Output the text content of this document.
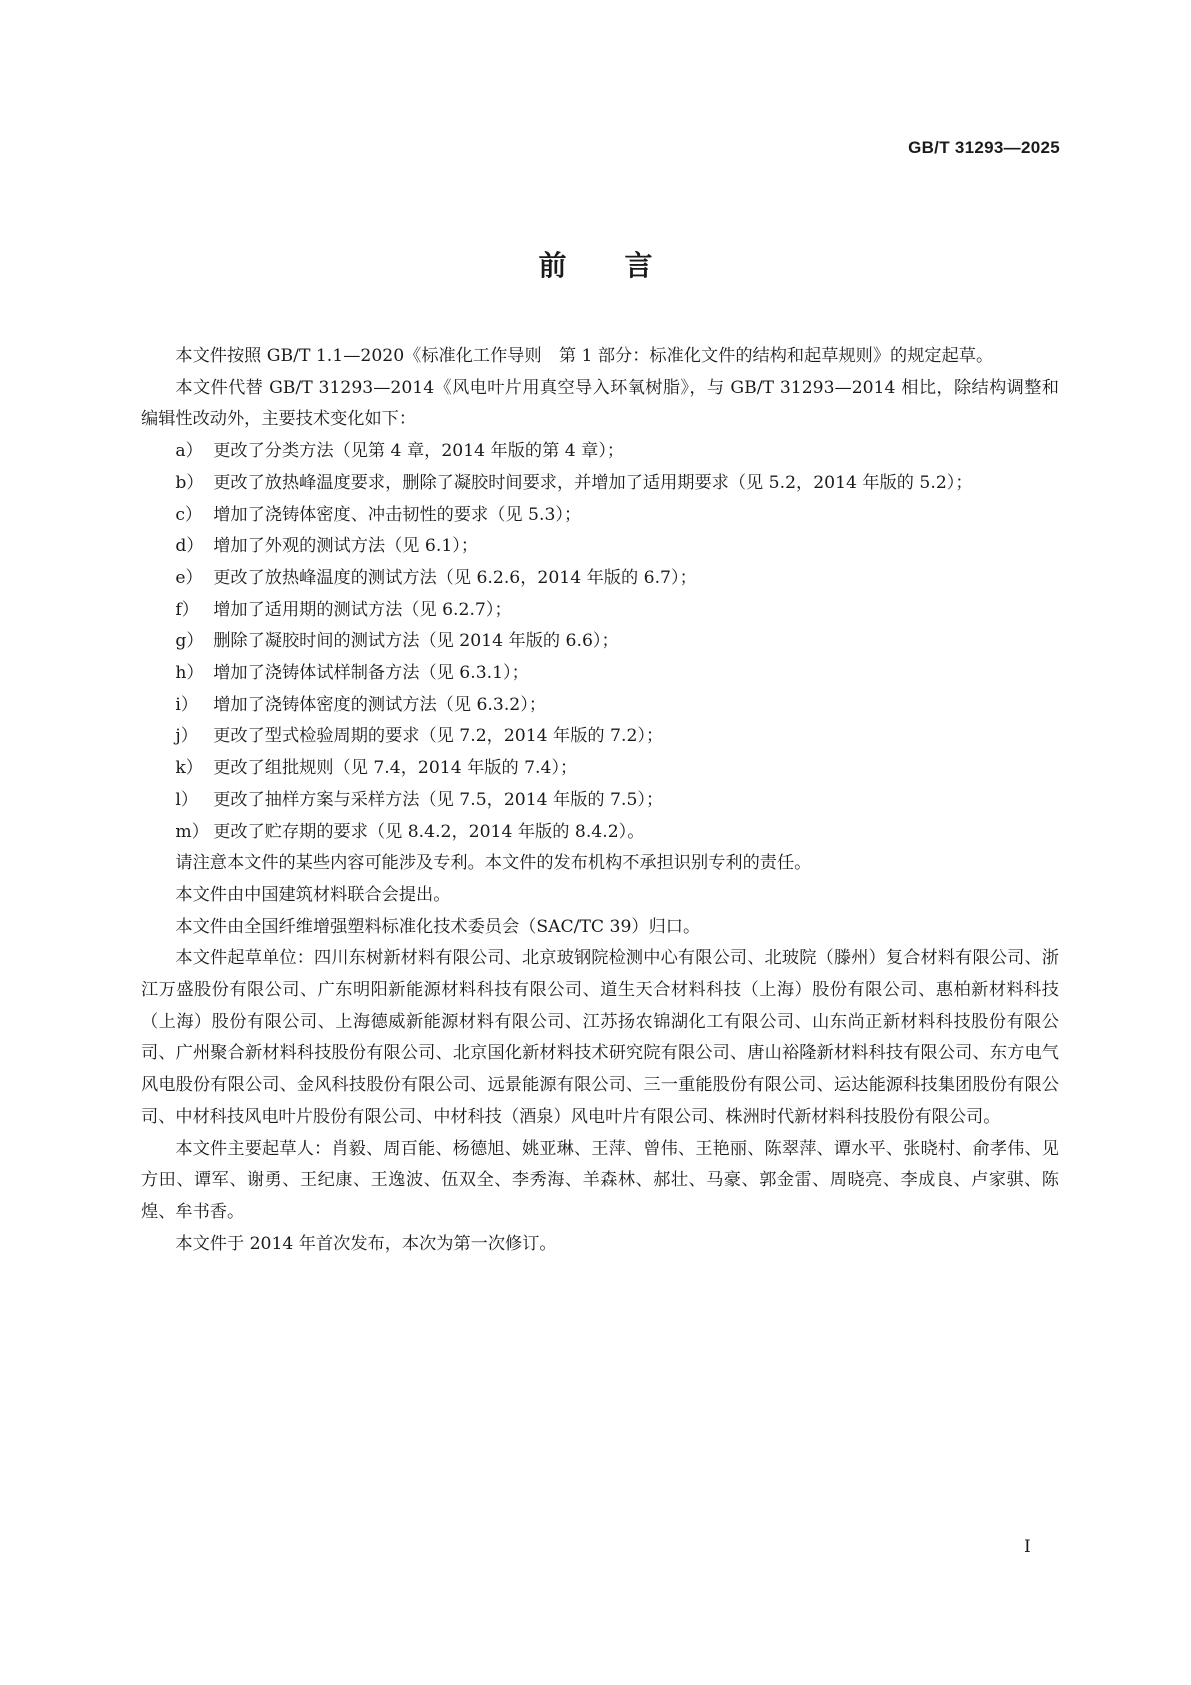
GB/T 31293—2025
前 言

本文件按照 GB/T 1.1—2020《标准化工作导则　第 1 部分：标准化文件的结构和起草规则》的规定起草。

本文件代替 GB/T 31293—2014《风电叶片用真空导入环氧树脂》，与 GB/T 31293—2014 相比，除结构调整和编辑性改动外，主要技术变化如下：

a） 更改了分类方法（见第 4 章，2014 年版的第 4 章）；
b） 更改了放热峰温度要求，删除了凝胶时间要求，并增加了适用期要求（见 5.2，2014 年版的 5.2）；
c） 增加了浇铸体密度、冲击韧性的要求（见 5.3）；
d） 增加了外观的测试方法（见 6.1）；
e） 更改了放热峰温度的测试方法（见 6.2.6，2014 年版的 6.7）；
f） 增加了适用期的测试方法（见 6.2.7）；
g） 删除了凝胶时间的测试方法（见 2014 年版的 6.6）；
h） 增加了浇铸体试样制备方法（见 6.3.1）；
i） 增加了浇铸体密度的测试方法（见 6.3.2）；
j） 更改了型式检验周期的要求（见 7.2，2014 年版的 7.2）；
k） 更改了组批规则（见 7.4，2014 年版的 7.4）；
l） 更改了抽样方案与采样方法（见 7.5，2014 年版的 7.5）；
m） 更改了贮存期的要求（见 8.4.2，2014 年版的 8.4.2）。

请注意本文件的某些内容可能涉及专利。本文件的发布机构不承担识别专利的责任。

本文件由中国建筑材料联合会提出。

本文件由全国纤维增强塑料标准化技术委员会（SAC/TC 39）归口。

本文件起草单位：四川东树新材料有限公司、北京玻钢院检测中心有限公司、北玻院（滕州）复合材料有限公司、浙江万盛股份有限公司、广东明阳新能源材料科技有限公司、道生天合材料科技（上海）股份有限公司、惠柏新材料科技（上海）股份有限公司、上海德威新能源材料有限公司、江苏扬农锦湖化工有限公司、山东尚正新材料科技股份有限公司、广州聚合新材料科技股份有限公司、北京国化新材料技术研究院有限公司、唐山裕隆新材料科技有限公司、东方电气风电股份有限公司、金风科技股份有限公司、远景能源有限公司、三一重能股份有限公司、运达能源科技集团股份有限公司、中材科技风电叶片股份有限公司、中材科技（酒泉）风电叶片有限公司、株洲时代新材料科技股份有限公司。

本文件主要起草人：肖毅、周百能、杨德旭、姚亚琳、王萍、曾伟、王艳丽、陈翠萍、谭水平、张晓村、俞孝伟、见方田、谭军、谢勇、王纪康、王逸波、伍双全、李秀海、羊森林、郝壮、马豪、郭金雷、周晓亮、李成良、卢家骐、陈煌、牟书香。

本文件于 2014 年首次发布，本次为第一次修订。

I
